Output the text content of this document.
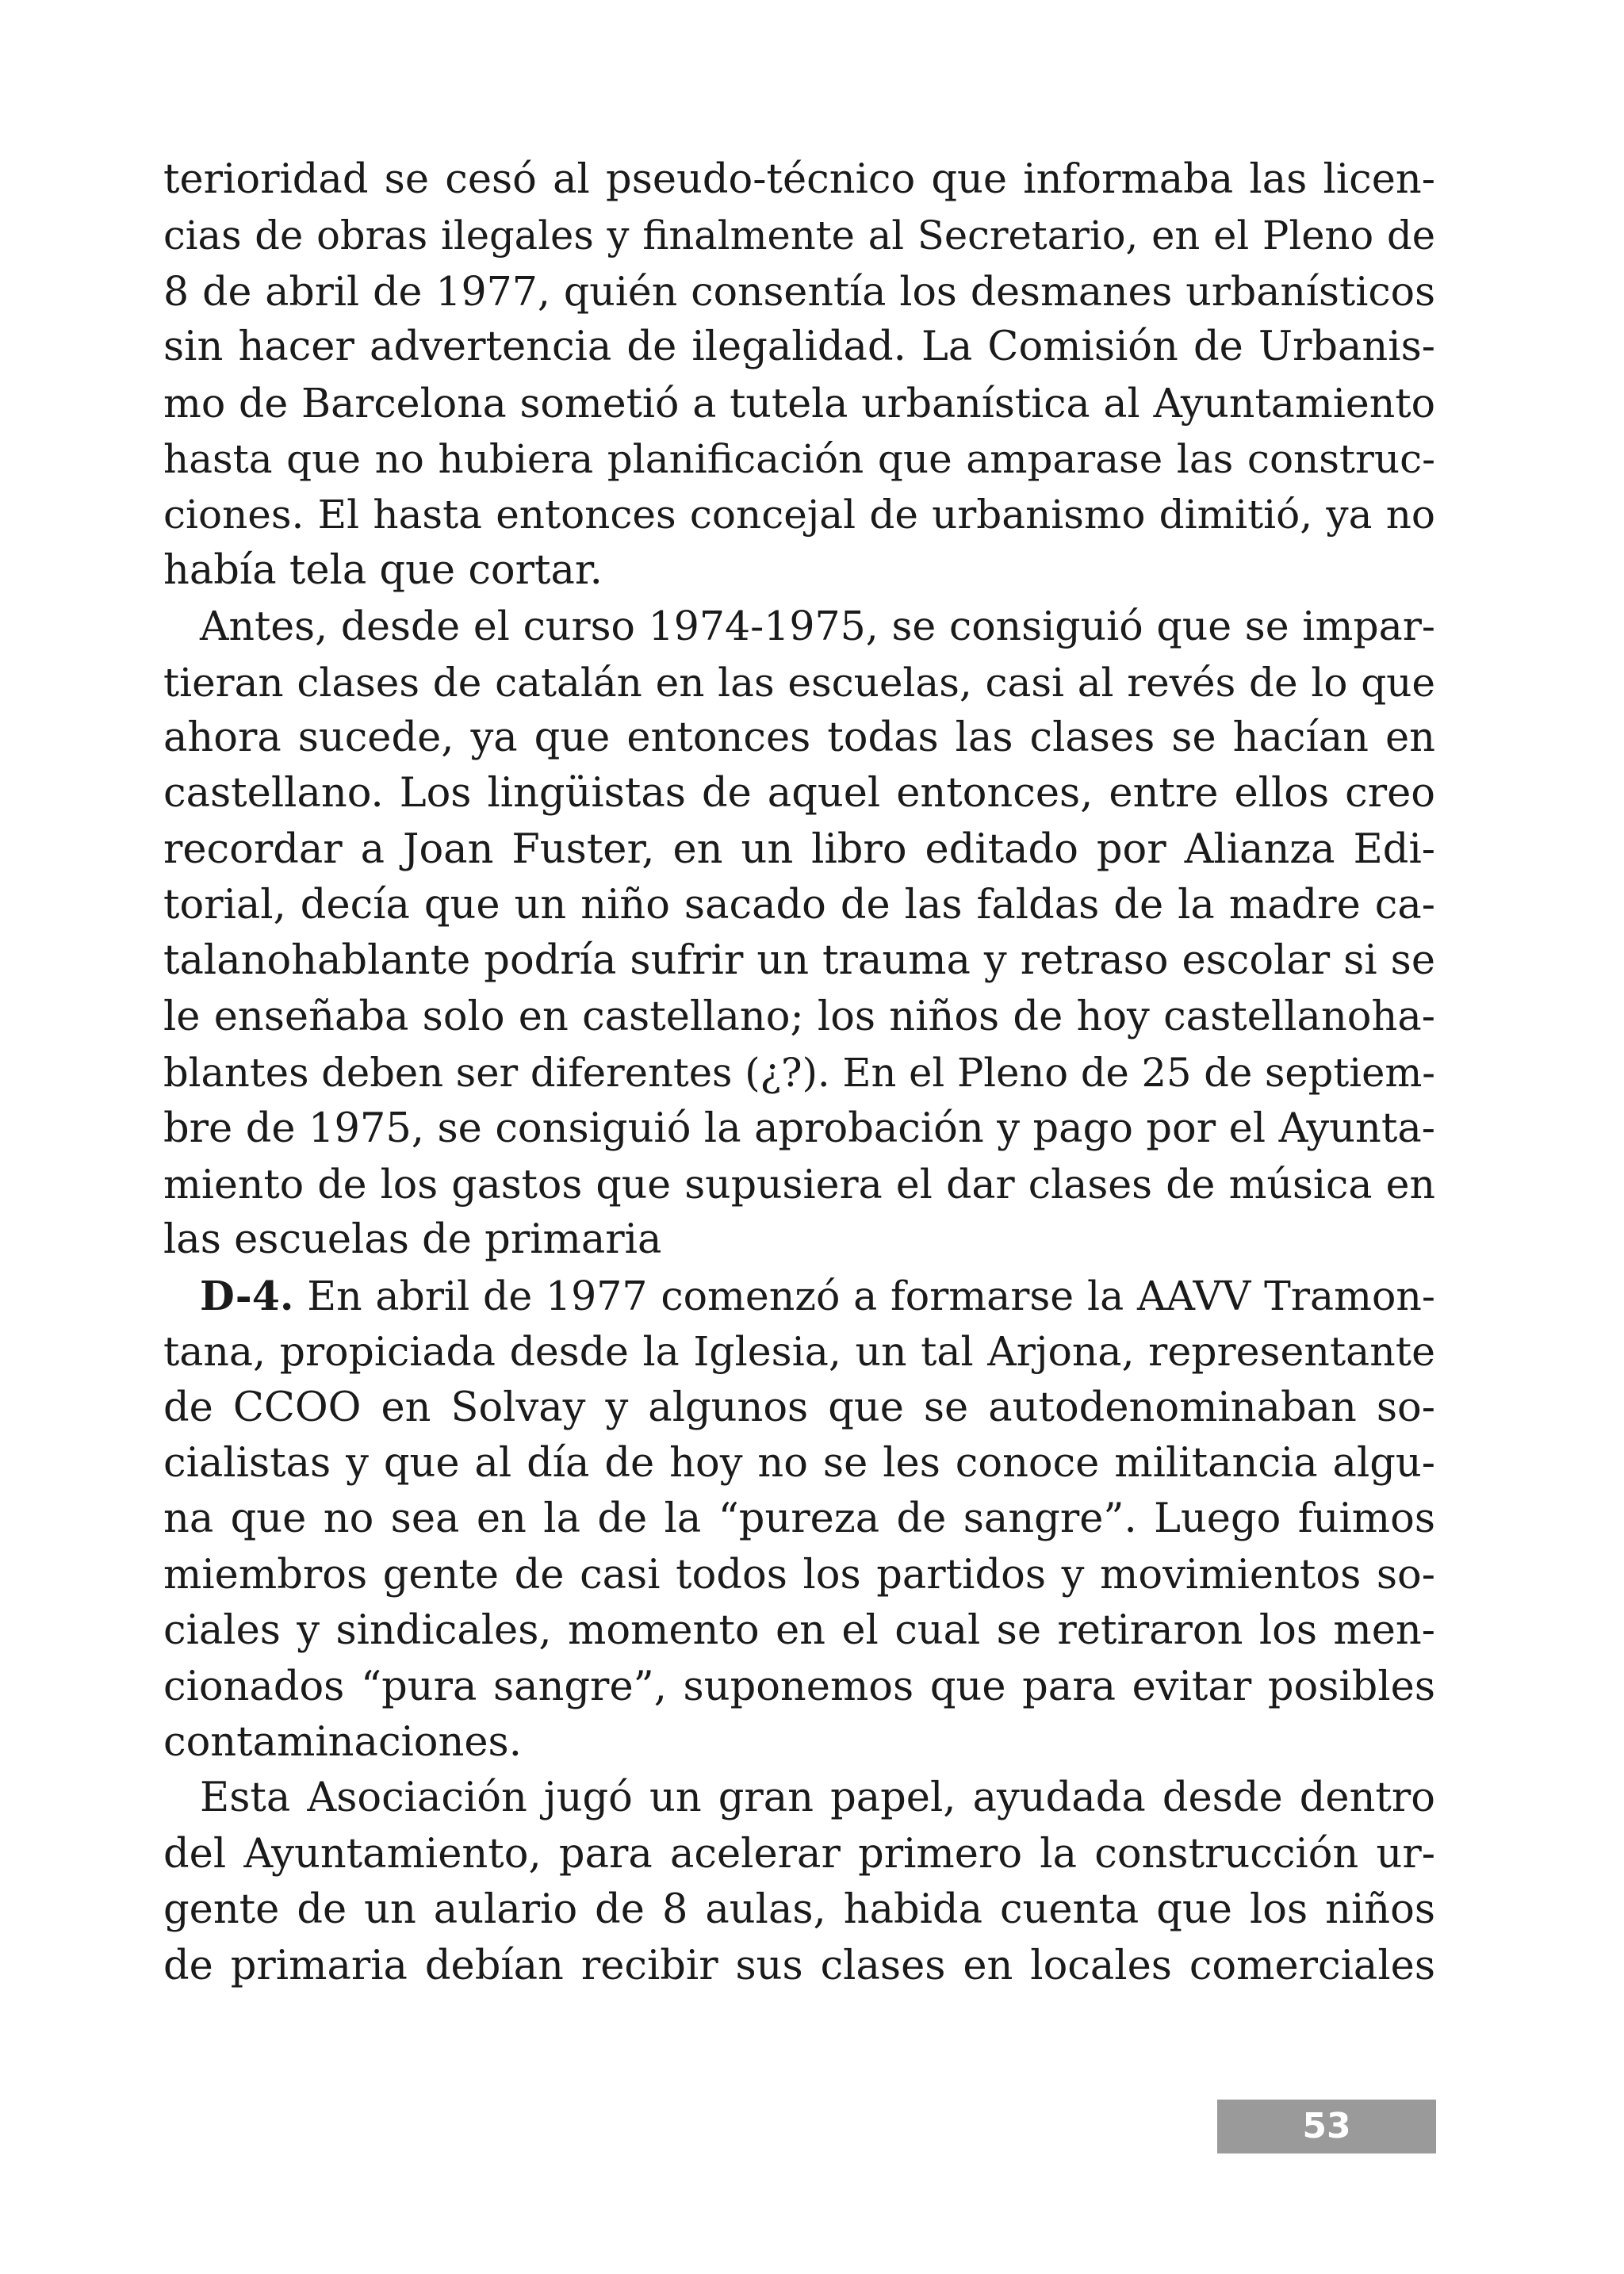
terioridad se cesó al pseudo-técnico que informaba las licen-
cias de obras ilegales y finalmente al Secretario, en el Pleno de
8 de abril de 1977, quién consentía los desmanes urbanísticos
sin hacer advertencia de ilegalidad. La Comisión de Urbanis-
mo de Barcelona sometió a tutela urbanística al Ayuntamiento
hasta que no hubiera planificación que amparase las construc-
ciones. El hasta entonces concejal de urbanismo dimitió, ya no
había tela que cortar.

Antes, desde el curso 1974-1975, se consiguió que se impar-
tieran clases de catalán en las escuelas, casi al revés de lo que
ahora sucede, ya que entonces todas las clases se hacían en
castellano. Los lingüistas de aquel entonces, entre ellos creo
recordar a Joan Fuster, en un libro editado por Alianza Edi-
torial, decía que un niño sacado de las faldas de la madre ca-
talanohablante podría sufrir un trauma y retraso escolar si se
le enseñaba solo en castellano; los niños de hoy castellanoha-
blantes deben ser diferentes (¿?). En el Pleno de 25 de septiem-
bre de 1975, se consiguió la aprobación y pago por el Ayunta-
miento de los gastos que supusiera el dar clases de música en
las escuelas de primaria

D-4. En abril de 1977 comenzó a formarse la AAVV Tramon-
tana, propiciada desde la Iglesia, un tal Arjona, representante
de CCOO en Solvay y algunos que se autodenominaban so-
cialistas y que al día de hoy no se les conoce militancia algu-
na que no sea en la de la “pureza de sangre”. Luego fuimos
miembros gente de casi todos los partidos y movimientos so-
ciales y sindicales, momento en el cual se retiraron los men-
cionados “pura sangre”, suponemos que para evitar posibles
contaminaciones.

Esta Asociación jugó un gran papel, ayudada desde dentro
del Ayuntamiento, para acelerar primero la construcción ur-
gente de un aulario de 8 aulas, habida cuenta que los niños
de primaria debían recibir sus clases en locales comerciales

53
